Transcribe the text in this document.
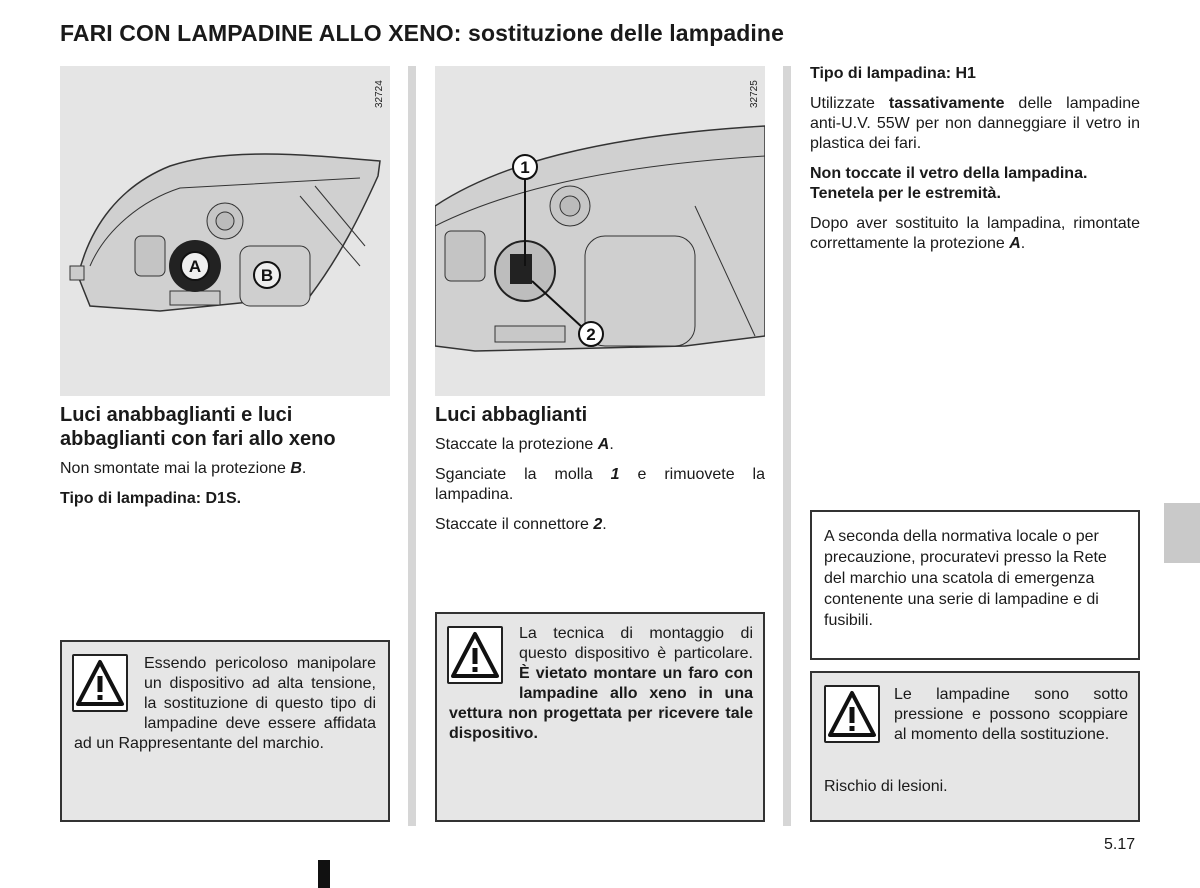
FARI CON LAMPADINE ALLO XENO: sostituzione delle lampadine
A	B
32724
1
2
32725
Luci anabbaglianti e luci abbaglianti con fari allo xeno

Non smontate mai la protezione B.

Tipo di lampadina: D1S.

Essendo pericoloso manipolare un dispositivo ad alta tensione, la sostituzione di questo tipo di lampadine deve essere affidata ad un Rappresentante del marchio.
Luci abbaglianti

Staccate la protezione A.

Sganciate la molla 1 e rimuovete la lampadina.

Staccate il connettore 2.

La tecnica di montaggio di questo dispositivo è particolare. È vietato montare un faro con lampadine allo xeno in una vettura non progettata per ricevere tale dispositivo.

Tipo di lampadina: H1

Utilizzate tassativamente delle lampadine anti-U.V. 55W per non danneggiare il vetro in plastica dei fari.

Non toccate il vetro della lampadina. Tenetela per le estremità.

Dopo aver sostituito la lampadina, rimontate correttamente la protezione A.

A seconda della normativa locale o per precauzione, procuratevi presso la Rete del marchio una scatola di emergenza contenente una serie di lampadine e di fusibili.
Le lampadine sono sotto pressione e possono scoppiare al momento della sostituzione.
Rischio di lesioni.
5.17
